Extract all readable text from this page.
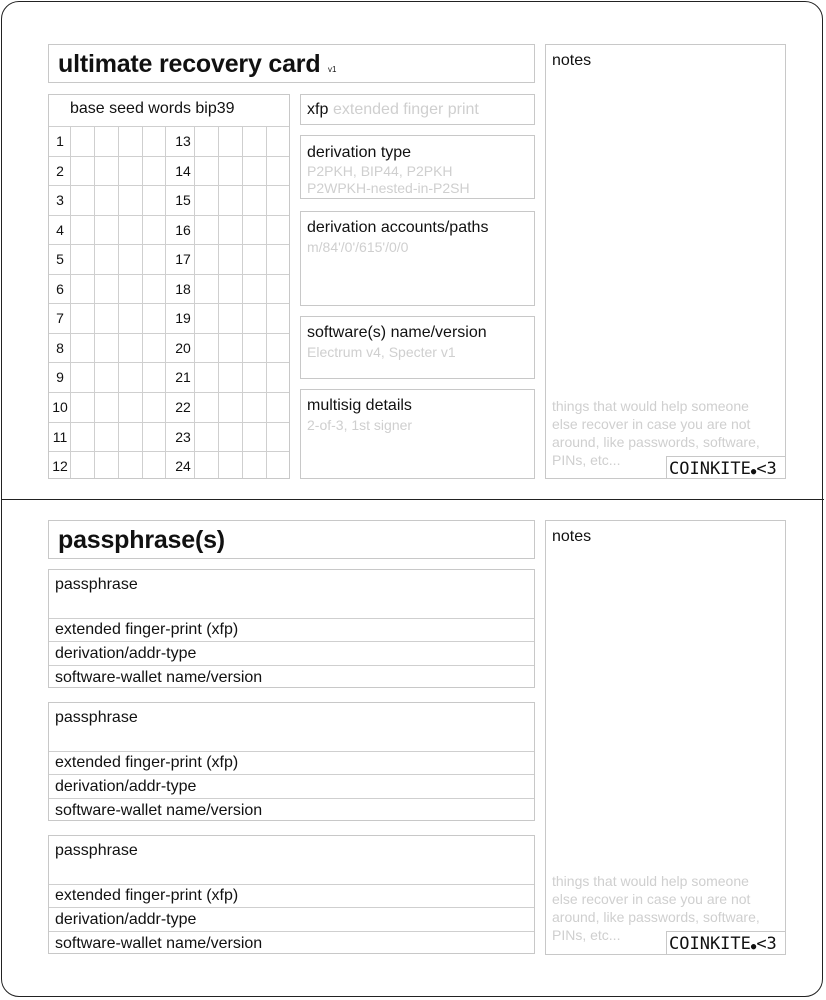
ultimate recovery card v1
base seed words bip39
1	13
2	14
3	15
4	16
5	17
6	18
7	19
8	20
9	21
10	22
11	23
12	24
xfp extended finger print
derivation type
P2PKH, BIP44, P2PKH
P2WPKH-nested-in-P2SH
derivation accounts/paths
m/84'/0'/615'/0/0
software(s) name/version
Electrum v4, Specter v1
multisig details
2-of-3, 1st signer
notes
things that would help someone
else recover in case you are not
around, like passwords, software,
PINs, etc...	COINKITE●<3
passphrase(s)
passphrase
extended finger-print (xfp)
derivation/addr-type
software-wallet name/version
passphrase
extended finger-print (xfp)
derivation/addr-type
software-wallet name/version
passphrase
extended finger-print (xfp)
derivation/addr-type
software-wallet name/version
notes
things that would help someone
else recover in case you are not
around, like passwords, software,
PINs, etc...	COINKITE●<3
